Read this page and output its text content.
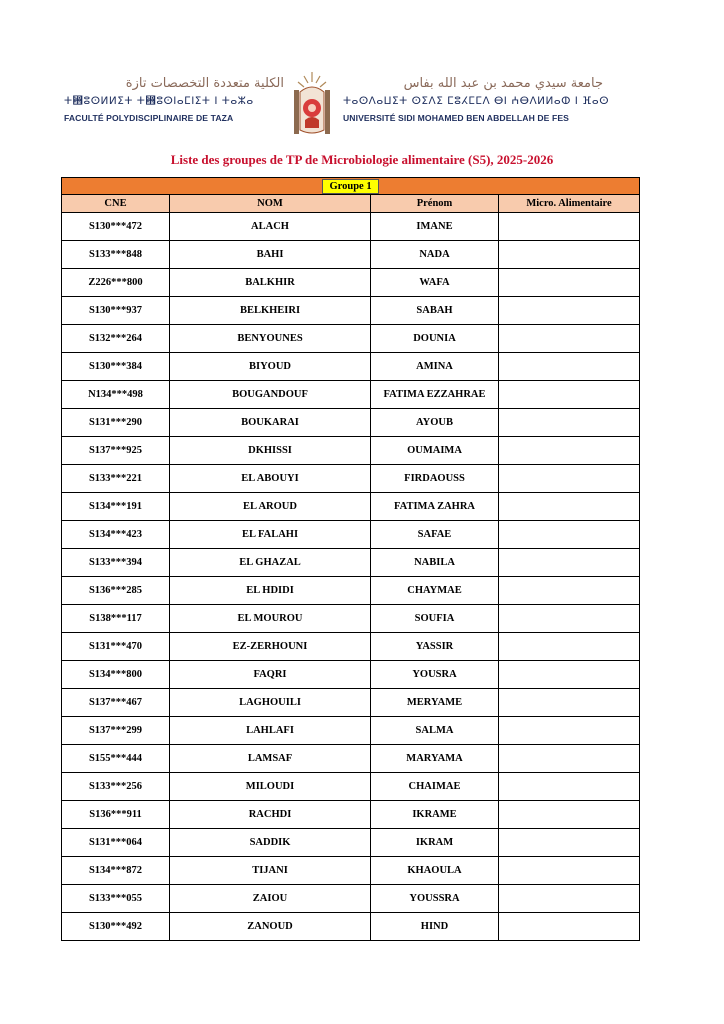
الكلية متعددة التخصصات تازة
ⵜ⴫ⵓⵙⵍⵍⵉⵜ ⵜ⴫ⵓⵙⵏⴰⵎⵏⵉⵜ ⵏ ⵜⴰⵣⴰ
FACULTÉ POLYDISCIPLINAIRE DE TAZA
جامعة سيدي محمد بن عبد الله بفاس
ⵜⴰⵙⴷⴰⵡⵉⵜ ⵙⵉⴷⵉ ⵎⵓⵃⵎⵎⴷ ⴱⵏ ⵄⴱⴷⵍⵍⴰⵀ ⵏ ⴼⴰⵙ
UNIVERSITÉ SIDI MOHAMED BEN ABDELLAH DE FES
Liste des groupes de TP de Microbiologie alimentaire (S5), 2025-2026
Groupe 1			
CNE	NOM	Prénom	Micro. Alimentaire
S130***472	ALACH	IMANE	
S133***848	BAHI	NADA	
Z226***800	BALKHIR	WAFA	
S130***937	BELKHEIRI	SABAH	
S132***264	BENYOUNES	DOUNIA	
S130***384	BIYOUD	AMINA	
N134***498	BOUGANDOUF	FATIMA EZZAHRAE	
S131***290	BOUKARAI	AYOUB	
S137***925	DKHISSI	OUMAIMA	
S133***221	EL ABOUYI	FIRDAOUSS	
S134***191	EL AROUD	FATIMA ZAHRA	
S134***423	EL FALAHI	SAFAE	
S133***394	EL GHAZAL	NABILA	
S136***285	EL HDIDI	CHAYMAE	
S138***117	EL MOUROU	SOUFIA	
S131***470	EZ-ZERHOUNI	YASSIR	
S134***800	FAQRI	YOUSRA	
S137***467	LAGHOUILI	MERYAME	
S137***299	LAHLAFI	SALMA	
S155***444	LAMSAF	MARYAMA	
S133***256	MILOUDI	CHAIMAE	
S136***911	RACHDI	IKRAME	
S131***064	SADDIK	IKRAM	
S134***872	TIJANI	KHAOULA	
S133***055	ZAIOU	YOUSSRA	
S130***492	ZANOUD	HIND	
